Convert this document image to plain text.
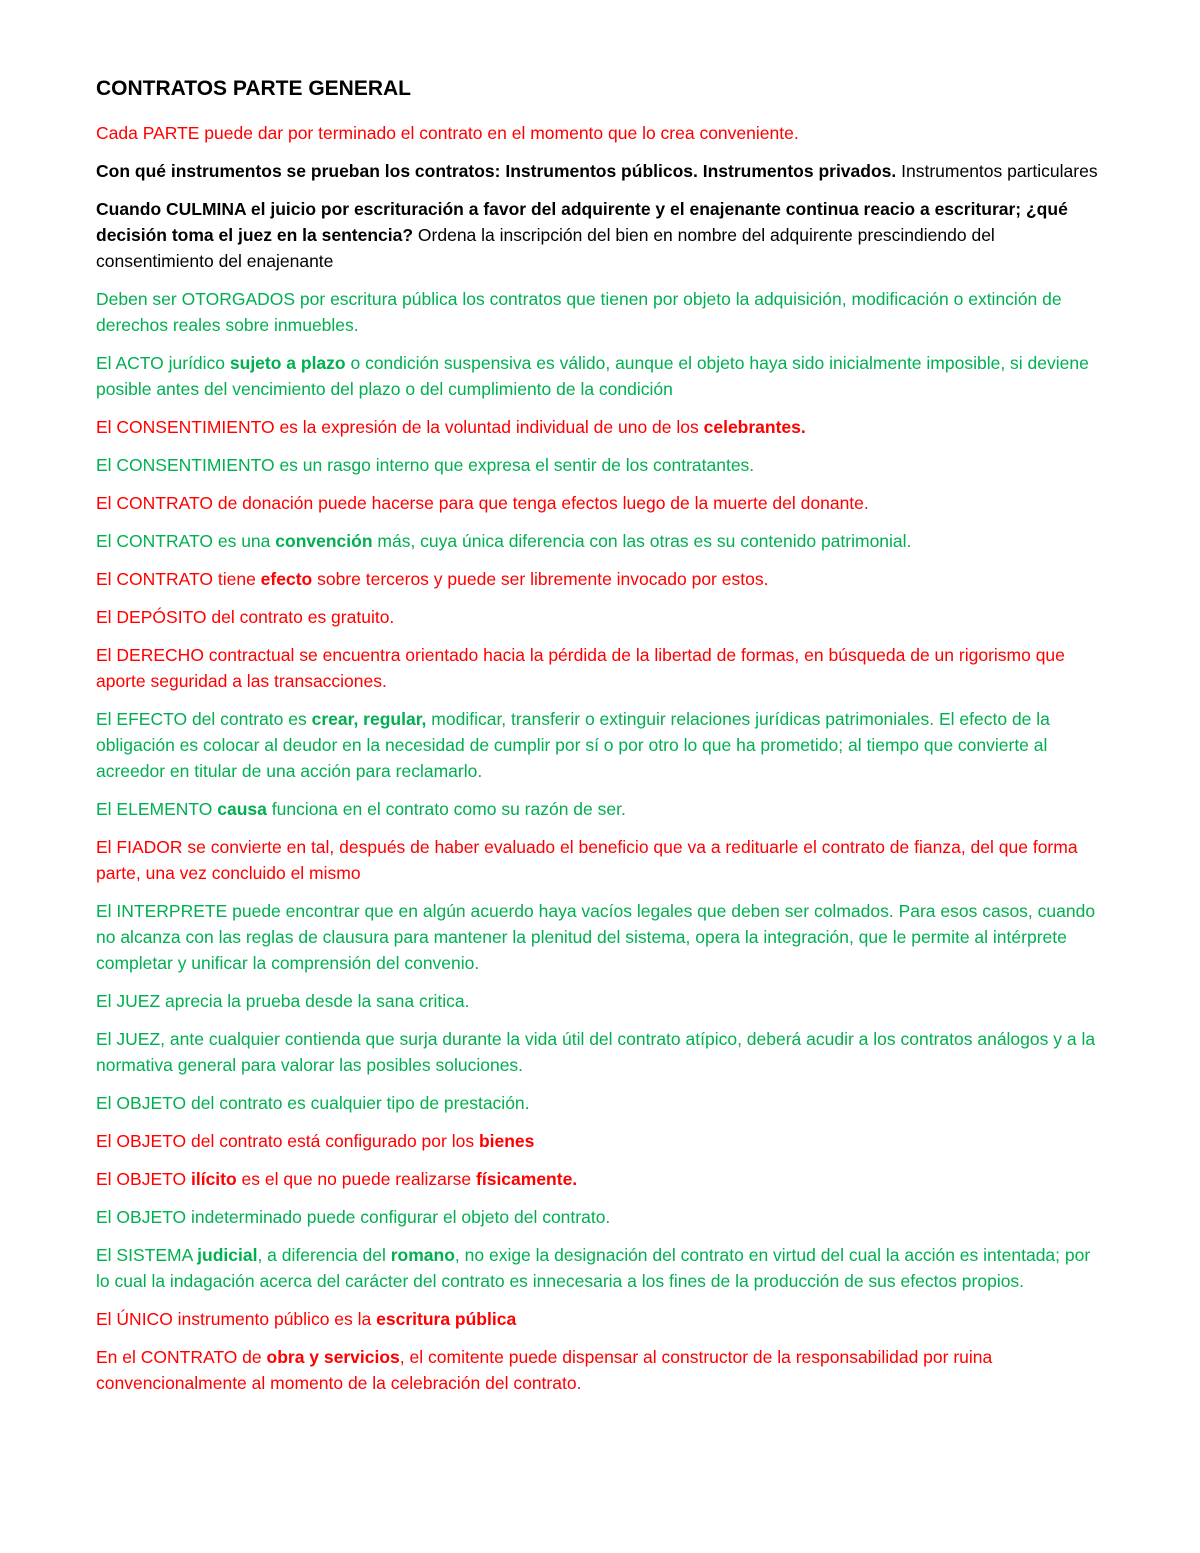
CONTRATOS PARTE GENERAL

Cada PARTE puede dar por terminado el contrato en el momento que lo crea conveniente.

Con qué instrumentos se prueban los contratos: Instrumentos públicos. Instrumentos privados. Instrumentos particulares

Cuando CULMINA el juicio por escrituración a favor del adquirente y el enajenante continua reacio a escriturar; ¿qué decisión toma el juez en la sentencia? Ordena la inscripción del bien en nombre del adquirente prescindiendo del consentimiento del enajenante

Deben ser OTORGADOS por escritura pública los contratos que tienen por objeto la adquisición, modificación o extinción de derechos reales sobre inmuebles.

El ACTO jurídico sujeto a plazo o condición suspensiva es válido, aunque el objeto haya sido inicialmente imposible, si deviene posible antes del vencimiento del plazo o del cumplimiento de la condición

El CONSENTIMIENTO es la expresión de la voluntad individual de uno de los celebrantes.

El CONSENTIMIENTO es un rasgo interno que expresa el sentir de los contratantes.

El CONTRATO de donación puede hacerse para que tenga efectos luego de la muerte del donante.

El CONTRATO es una convención más, cuya única diferencia con las otras es su contenido patrimonial.

El CONTRATO tiene efecto sobre terceros y puede ser libremente invocado por estos.

El DEPÓSITO del contrato es gratuito.

El DERECHO contractual se encuentra orientado hacia la pérdida de la libertad de formas, en búsqueda de un rigorismo que aporte seguridad a las transacciones.

El EFECTO del contrato es crear, regular, modificar, transferir o extinguir relaciones jurídicas patrimoniales. El efecto de la obligación es colocar al deudor en la necesidad de cumplir por sí o por otro lo que ha prometido; al tiempo que convierte al acreedor en titular de una acción para reclamarlo.

El ELEMENTO causa funciona en el contrato como su razón de ser.

El FIADOR se convierte en tal, después de haber evaluado el beneficio que va a redituarle el contrato de fianza, del que forma parte, una vez concluido el mismo

El INTERPRETE puede encontrar que en algún acuerdo haya vacíos legales que deben ser colmados. Para esos casos, cuando no alcanza con las reglas de clausura para mantener la plenitud del sistema, opera la integración, que le permite al intérprete completar y unificar la comprensión del convenio.

El JUEZ aprecia la prueba desde la sana critica.

El JUEZ, ante cualquier contienda que surja durante la vida útil del contrato atípico, deberá acudir a los contratos análogos y a la normativa general para valorar las posibles soluciones.

El OBJETO del contrato es cualquier tipo de prestación.

El OBJETO del contrato está configurado por los bienes

El OBJETO ilícito es el que no puede realizarse físicamente.

El OBJETO indeterminado puede configurar el objeto del contrato.

El SISTEMA judicial, a diferencia del romano, no exige la designación del contrato en virtud del cual la acción es intentada; por lo cual la indagación acerca del carácter del contrato es innecesaria a los fines de la producción de sus efectos propios.

El ÚNICO instrumento público es la escritura pública

En el CONTRATO de obra y servicios, el comitente puede dispensar al constructor de la responsabilidad por ruina convencionalmente al momento de la celebración del contrato.
